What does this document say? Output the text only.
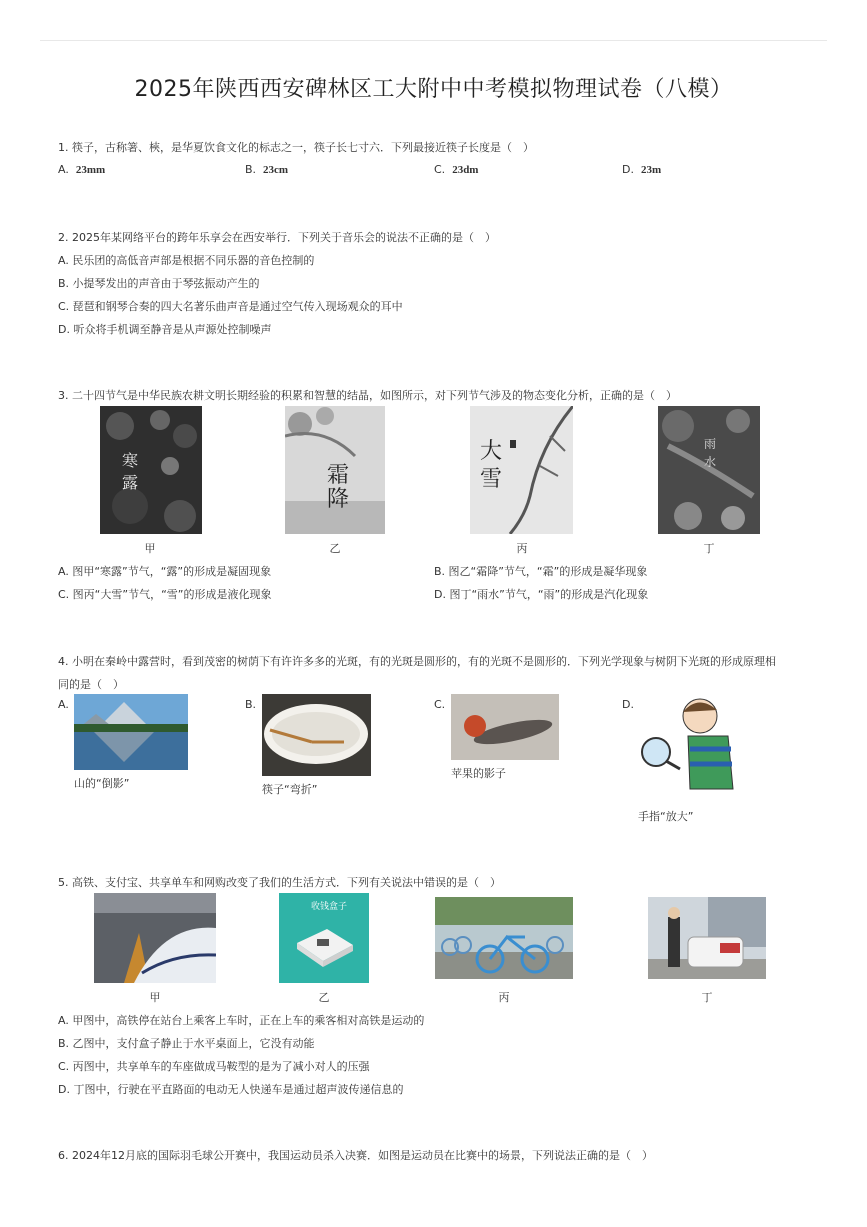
2025年陕西西安碑林区工大附中中考模拟物理试卷（八模）
1. 筷子，古称箸、梜，是华夏饮食文化的标志之一，筷子长七寸六．下列最接近筷子长度是（　）
A. 23mm	B. 23cm	C. 23dm	D. 23m
2. 2025年某网络平台的跨年乐享会在西安举行．下列关于音乐会的说法不正确的是（　）
A. 民乐团的高低音声部是根据不同乐器的音色控制的
B. 小提琴发出的声音由于琴弦振动产生的
C. 琵琶和钢琴合奏的四大名著乐曲声音是通过空气传入现场观众的耳中
D. 听众将手机调至静音是从声源处控制噪声
3. 二十四节气是中华民族农耕文明长期经验的积累和智慧的结晶，如图所示，对下列节气涉及的物态变化分析，正确的是（　）
寒
露	霜
降
大
雪
雨
水
甲	乙	丙	丁
A. 图甲“寒露”节气，“露”的形成是凝固现象	B. 图乙“霜降”节气，“霜”的形成是凝华现象
C. 图丙“大雪”节气，“雪”的形成是液化现象	D. 图丁“雨水”节气，“雨”的形成是汽化现象
4. 小明在秦岭中露营时，看到茂密的树荫下有许许多多的光斑，有的光斑是圆形的，有的光斑不是圆形的．下列光学现象与树阴下光斑的形成原理相
同的是（　）
A.
山的“倒影”
B.
筷子“弯折”
C.
苹果的影子
D.
手指“放大”
5. 高铁、支付宝、共享单车和网购改变了我们的生活方式．下列有关说法中错误的是（　）
收钱盒子
甲	乙	丙	丁
A. 甲图中，高铁停在站台上乘客上车时，正在上车的乘客相对高铁是运动的
B. 乙图中，支付盒子静止于水平桌面上，它没有动能
C. 丙图中，共享单车的车座做成马鞍型的是为了减小对人的压强
D. 丁图中，行驶在平直路面的电动无人快递车是通过超声波传递信息的
6. 2024年12月底的国际羽毛球公开赛中，我国运动员杀入决赛．如图是运动员在比赛中的场景，下列说法正确的是（　）
